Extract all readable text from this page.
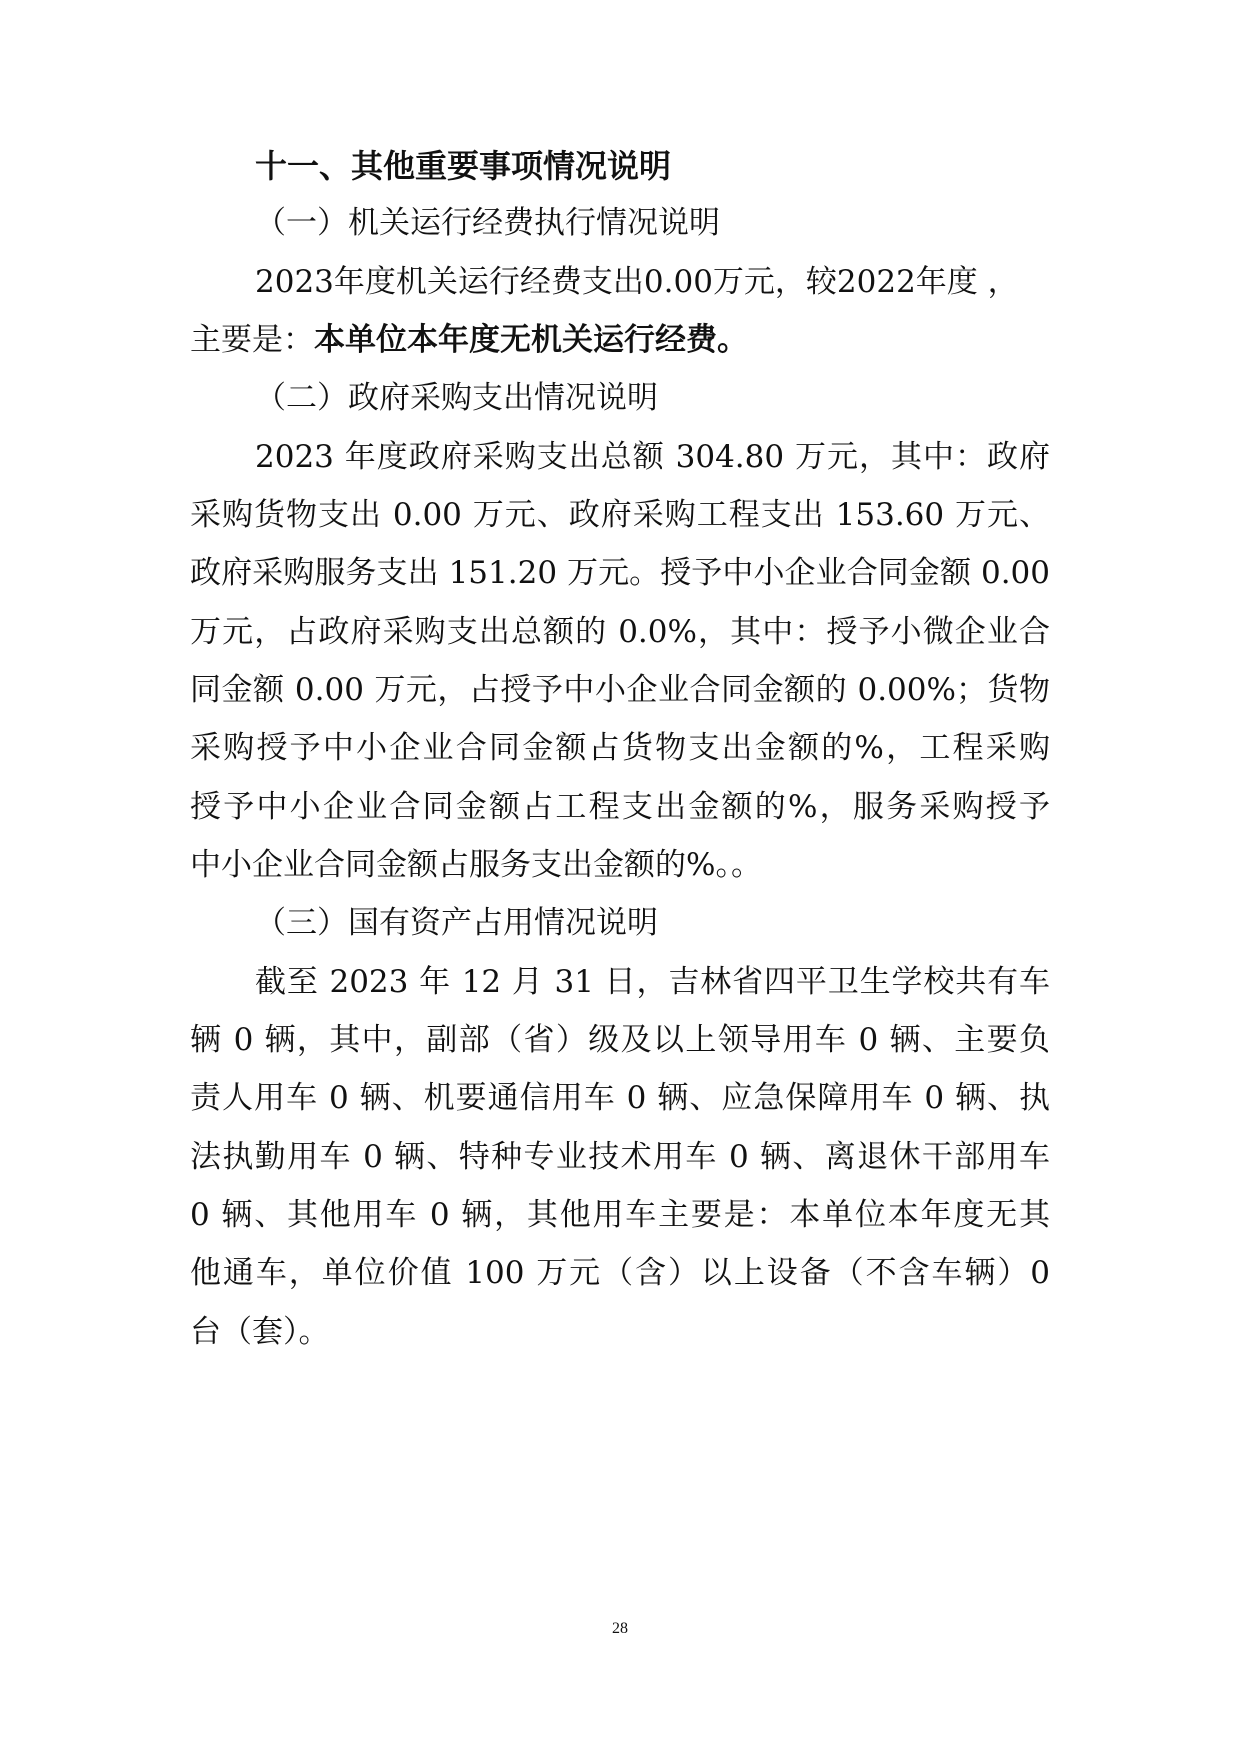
十一、其他重要事项情况说明
（一）机关运行经费执行情况说明
2023年度机关运行经费支出0.00万元，较2022年度 ，
主要是：本单位本年度无机关运行经费。
（二）政府采购支出情况说明
2023 年度政府采购支出总额 304.80 万元，其中：政府
采购货物支出 0.00 万元、政府采购工程支出 153.60 万元、
政府采购服务支出 151.20 万元。授予中小企业合同金额 0.00
万元，占政府采购支出总额的 0.0%，其中：授予小微企业合
同金额 0.00 万元，占授予中小企业合同金额的 0.00%；货物
采购授予中小企业合同金额占货物支出金额的%，工程采购
授予中小企业合同金额占工程支出金额的%，服务采购授予
中小企业合同金额占服务支出金额的%。。
（三）国有资产占用情况说明
截至 2023 年 12 月 31 日，吉林省四平卫生学校共有车
辆 0 辆，其中，副部（省）级及以上领导用车 0 辆、主要负
责人用车 0 辆、机要通信用车 0 辆、应急保障用车 0 辆、执
法执勤用车 0 辆、特种专业技术用车 0 辆、离退休干部用车
0 辆、其他用车 0 辆，其他用车主要是：本单位本年度无其
他通车，单位价值 100 万元（含）以上设备（不含车辆）0
台（套）。
28
